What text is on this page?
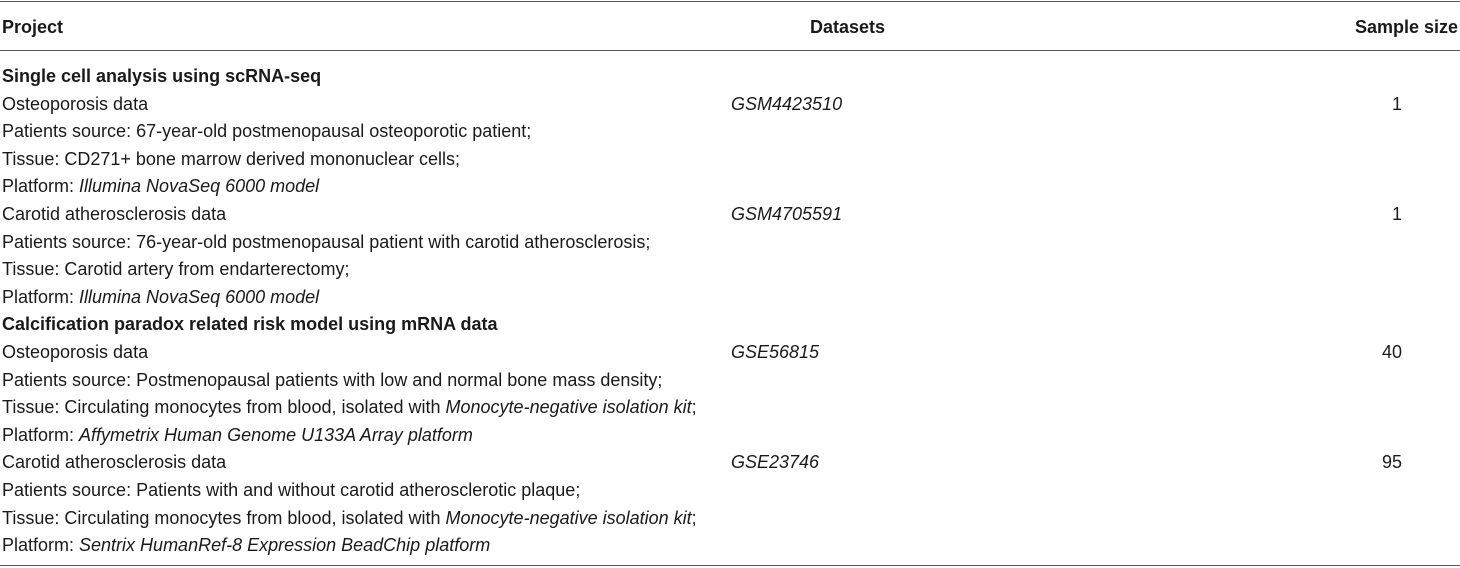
Project	Datasets	Sample size
Single cell analysis using scRNA-seq
Osteoporosis data	GSM4423510	1
Patients source: 67-year-old postmenopausal osteoporotic patient;
Tissue: CD271+ bone marrow derived mononuclear cells;
Platform: Illumina NovaSeq 6000 model
Carotid atherosclerosis data	GSM4705591	1
Patients source: 76-year-old postmenopausal patient with carotid atherosclerosis;
Tissue: Carotid artery from endarterectomy;
Platform: Illumina NovaSeq 6000 model
Calcification paradox related risk model using mRNA data
Osteoporosis data	GSE56815	40
Patients source: Postmenopausal patients with low and normal bone mass density;
Tissue: Circulating monocytes from blood, isolated with Monocyte-negative isolation kit;
Platform: Affymetrix Human Genome U133A Array platform
Carotid atherosclerosis data	GSE23746	95
Patients source: Patients with and without carotid atherosclerotic plaque;
Tissue: Circulating monocytes from blood, isolated with Monocyte-negative isolation kit;
Platform: Sentrix HumanRef-8 Expression BeadChip platform
